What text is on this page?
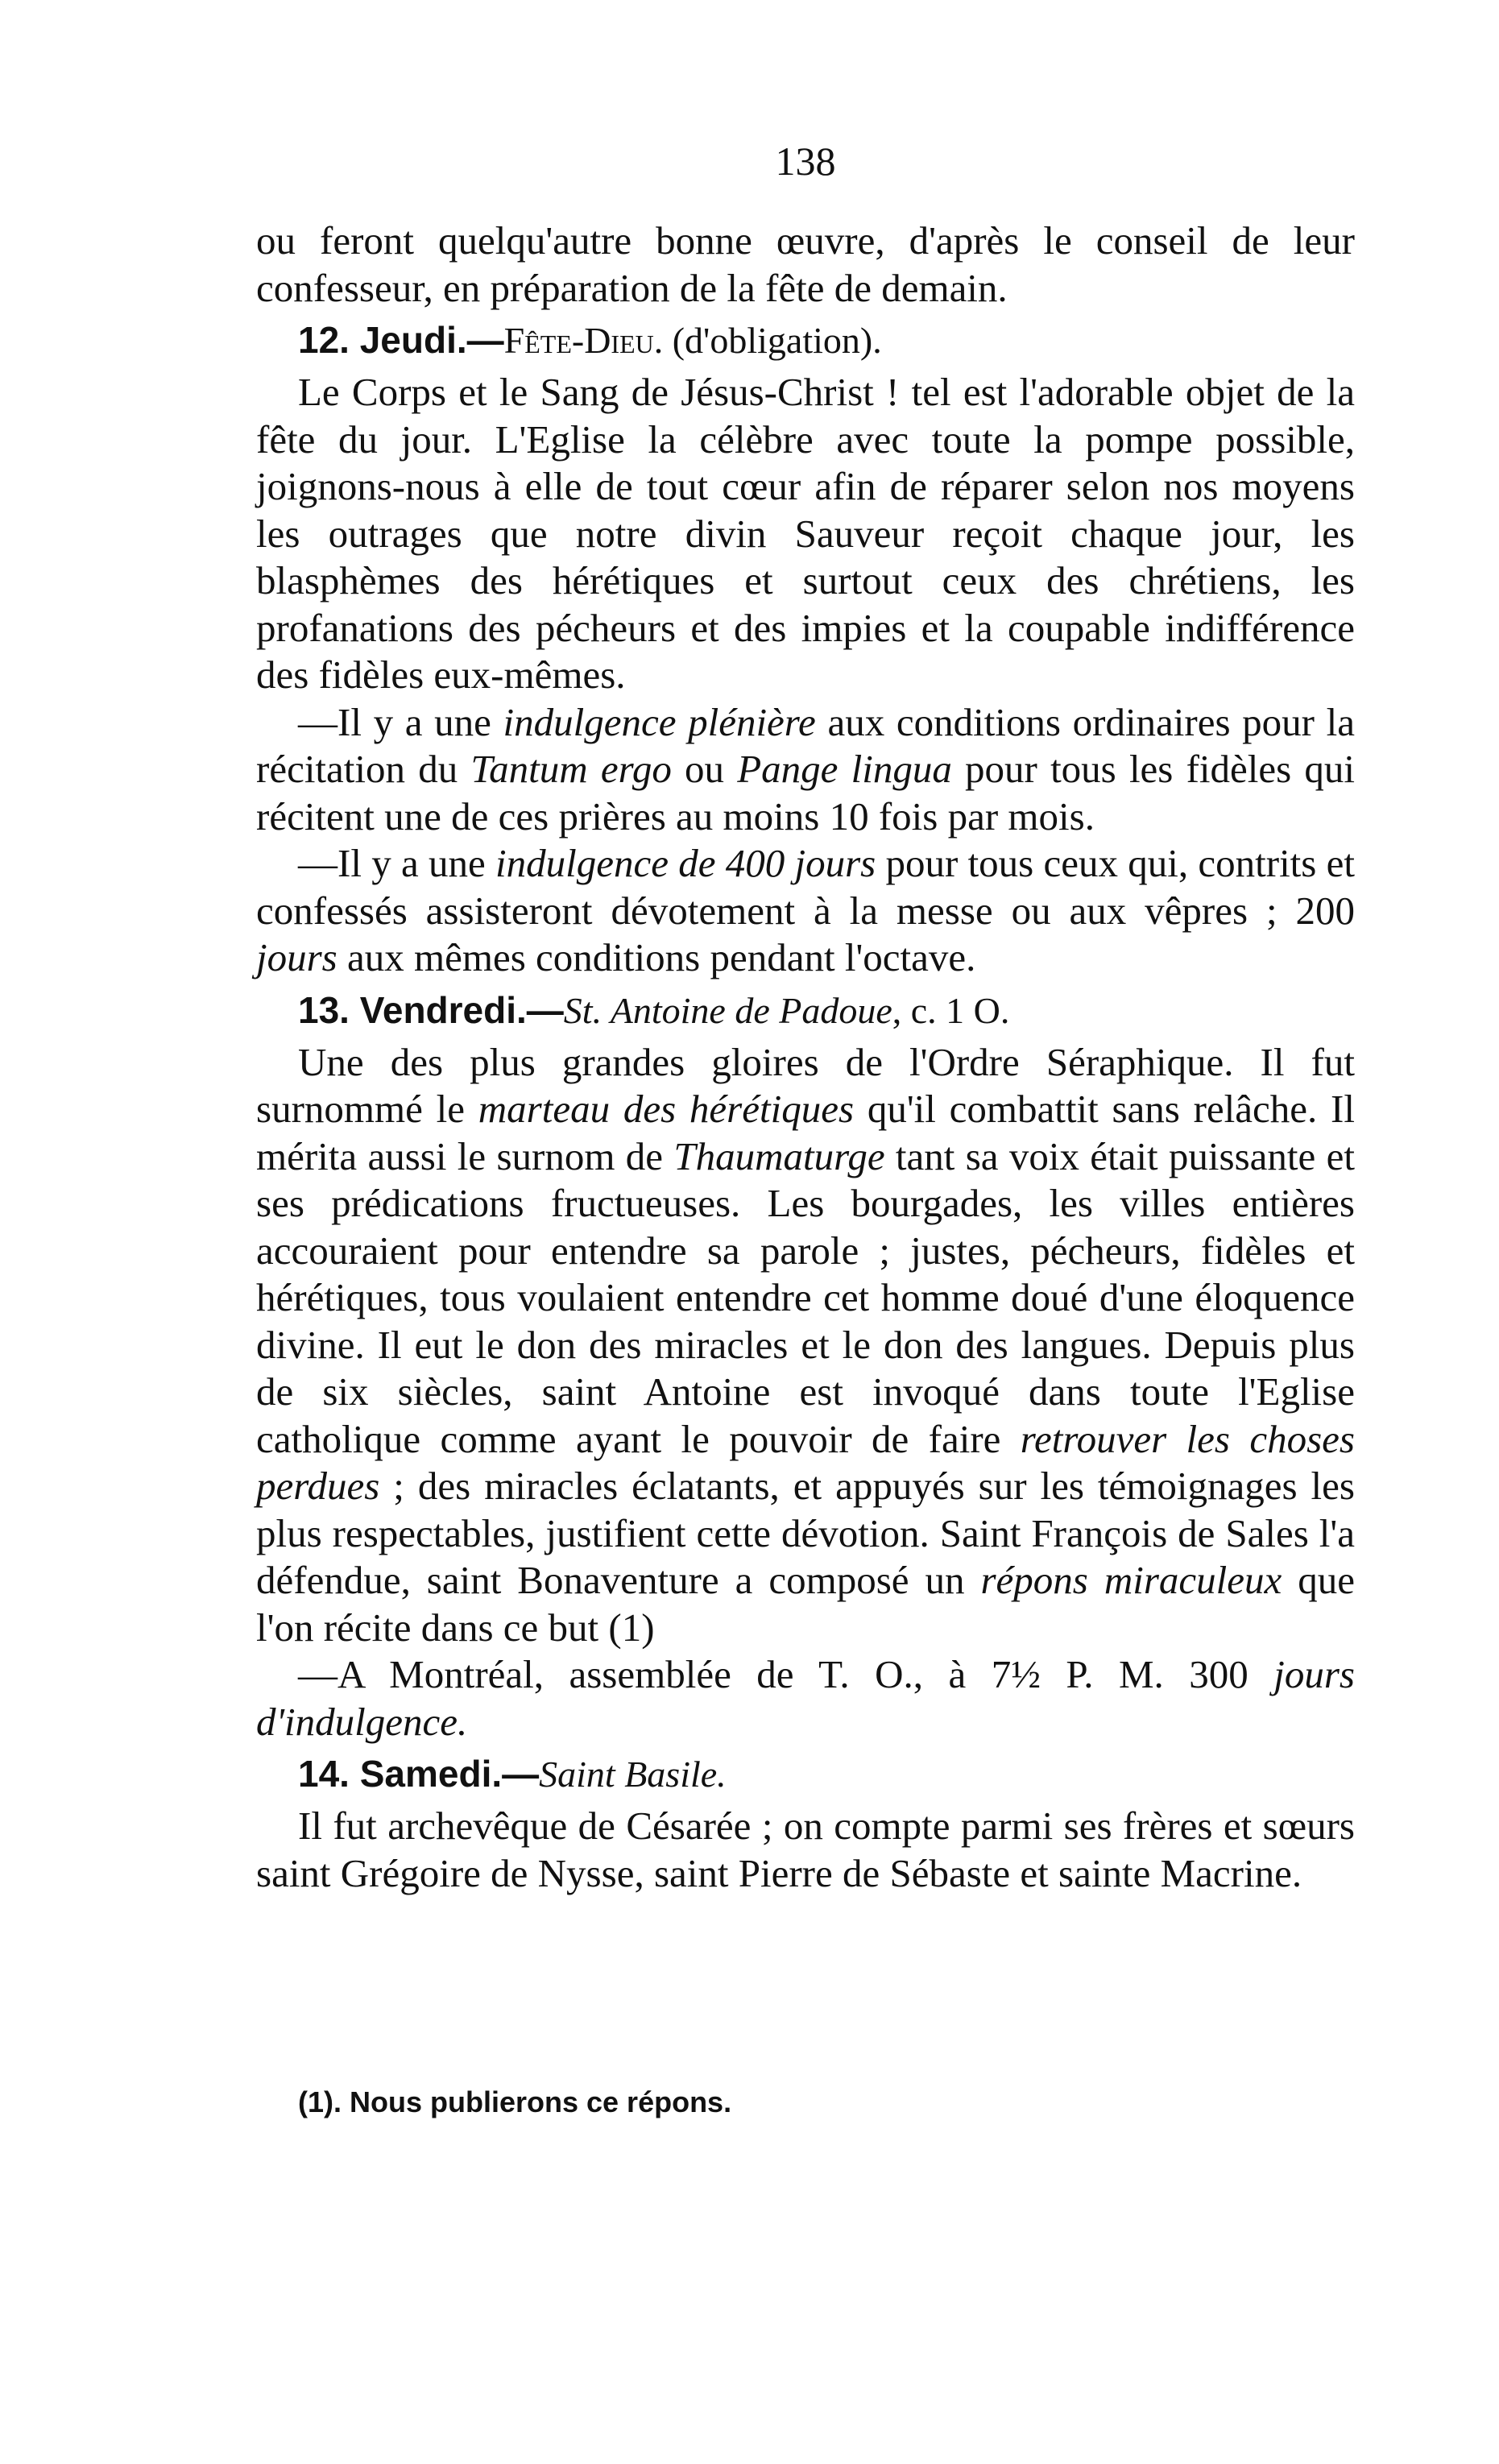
138

ou feront quelqu'autre bonne œuvre, d'après le conseil de leur confesseur, en préparation de la fête de demain.

12. Jeudi.—Fête-Dieu. (d'obligation).

Le Corps et le Sang de Jésus-Christ ! tel est l'adorable objet de la fête du jour. L'Eglise la célèbre avec toute la pompe possible, joignons-nous à elle de tout cœur afin de réparer selon nos moyens les outrages que notre divin Sauveur reçoit chaque jour, les blasphèmes des hérétiques et surtout ceux des chrétiens, les profanations des pécheurs et des impies et la coupable indifférence des fidèles eux-mêmes.

—Il y a une indulgence plénière aux conditions ordinaires pour la récitation du Tantum ergo ou Pange lingua pour tous les fidèles qui récitent une de ces prières au moins 10 fois par mois.

—Il y a une indulgence de 400 jours pour tous ceux qui, contrits et confessés assisteront dévotement à la messe ou aux vêpres ; 200 jours aux mêmes conditions pendant l'octave.

13. Vendredi.—St. Antoine de Padoue, c. 1 O.

Une des plus grandes gloires de l'Ordre Séraphique. Il fut surnommé le marteau des hérétiques qu'il combattit sans relâche. Il mérita aussi le surnom de Thaumaturge tant sa voix était puissante et ses prédications fructueuses. Les bourgades, les villes entières accouraient pour entendre sa parole ; justes, pécheurs, fidèles et hérétiques, tous voulaient entendre cet homme doué d'une éloquence divine. Il eut le don des miracles et le don des langues. Depuis plus de six siècles, saint Antoine est invoqué dans toute l'Eglise catholique comme ayant le pouvoir de faire retrouver les choses perdues ; des miracles éclatants, et appuyés sur les témoignages les plus respectables, justifient cette dévotion. Saint François de Sales l'a défendue, saint Bonaventure a composé un répons miraculeux que l'on récite dans ce but (1)

—A Montréal, assemblée de T. O., à 7½ P. M. 300 jours d'indulgence.

14. Samedi.—Saint Basile.

Il fut archevêque de Césarée ; on compte parmi ses frères et sœurs saint Grégoire de Nysse, saint Pierre de Sébaste et sainte Macrine.

(1). Nous publierons ce répons.
